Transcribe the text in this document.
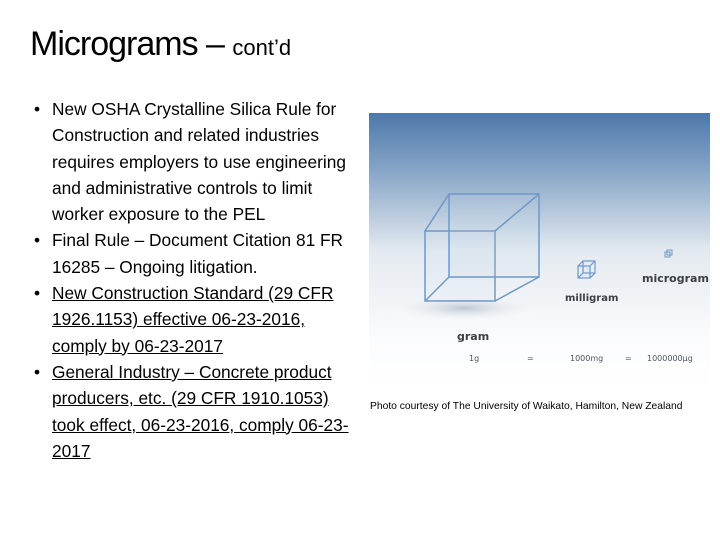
Micrograms – cont’d
• New OSHA Crystalline Silica Rule for Construction and related industries requires employers to use engineering and administrative controls to limit worker exposure to the PEL
• Final Rule – Document Citation 81 FR 16285 – Ongoing litigation.
• New Construction Standard (29 CFR 1926.1153) effective 06-23-2016, comply by 06-23-2017
• General Industry – Concrete product producers, etc. (29 CFR 1910.1053) took effect, 06-23-2016, comply 06-23-2017
gram
milligram
microgram
1g	=	1000mg	= 1000000µg
Photo courtesy of The University of Waikato, Hamilton, New Zealand
